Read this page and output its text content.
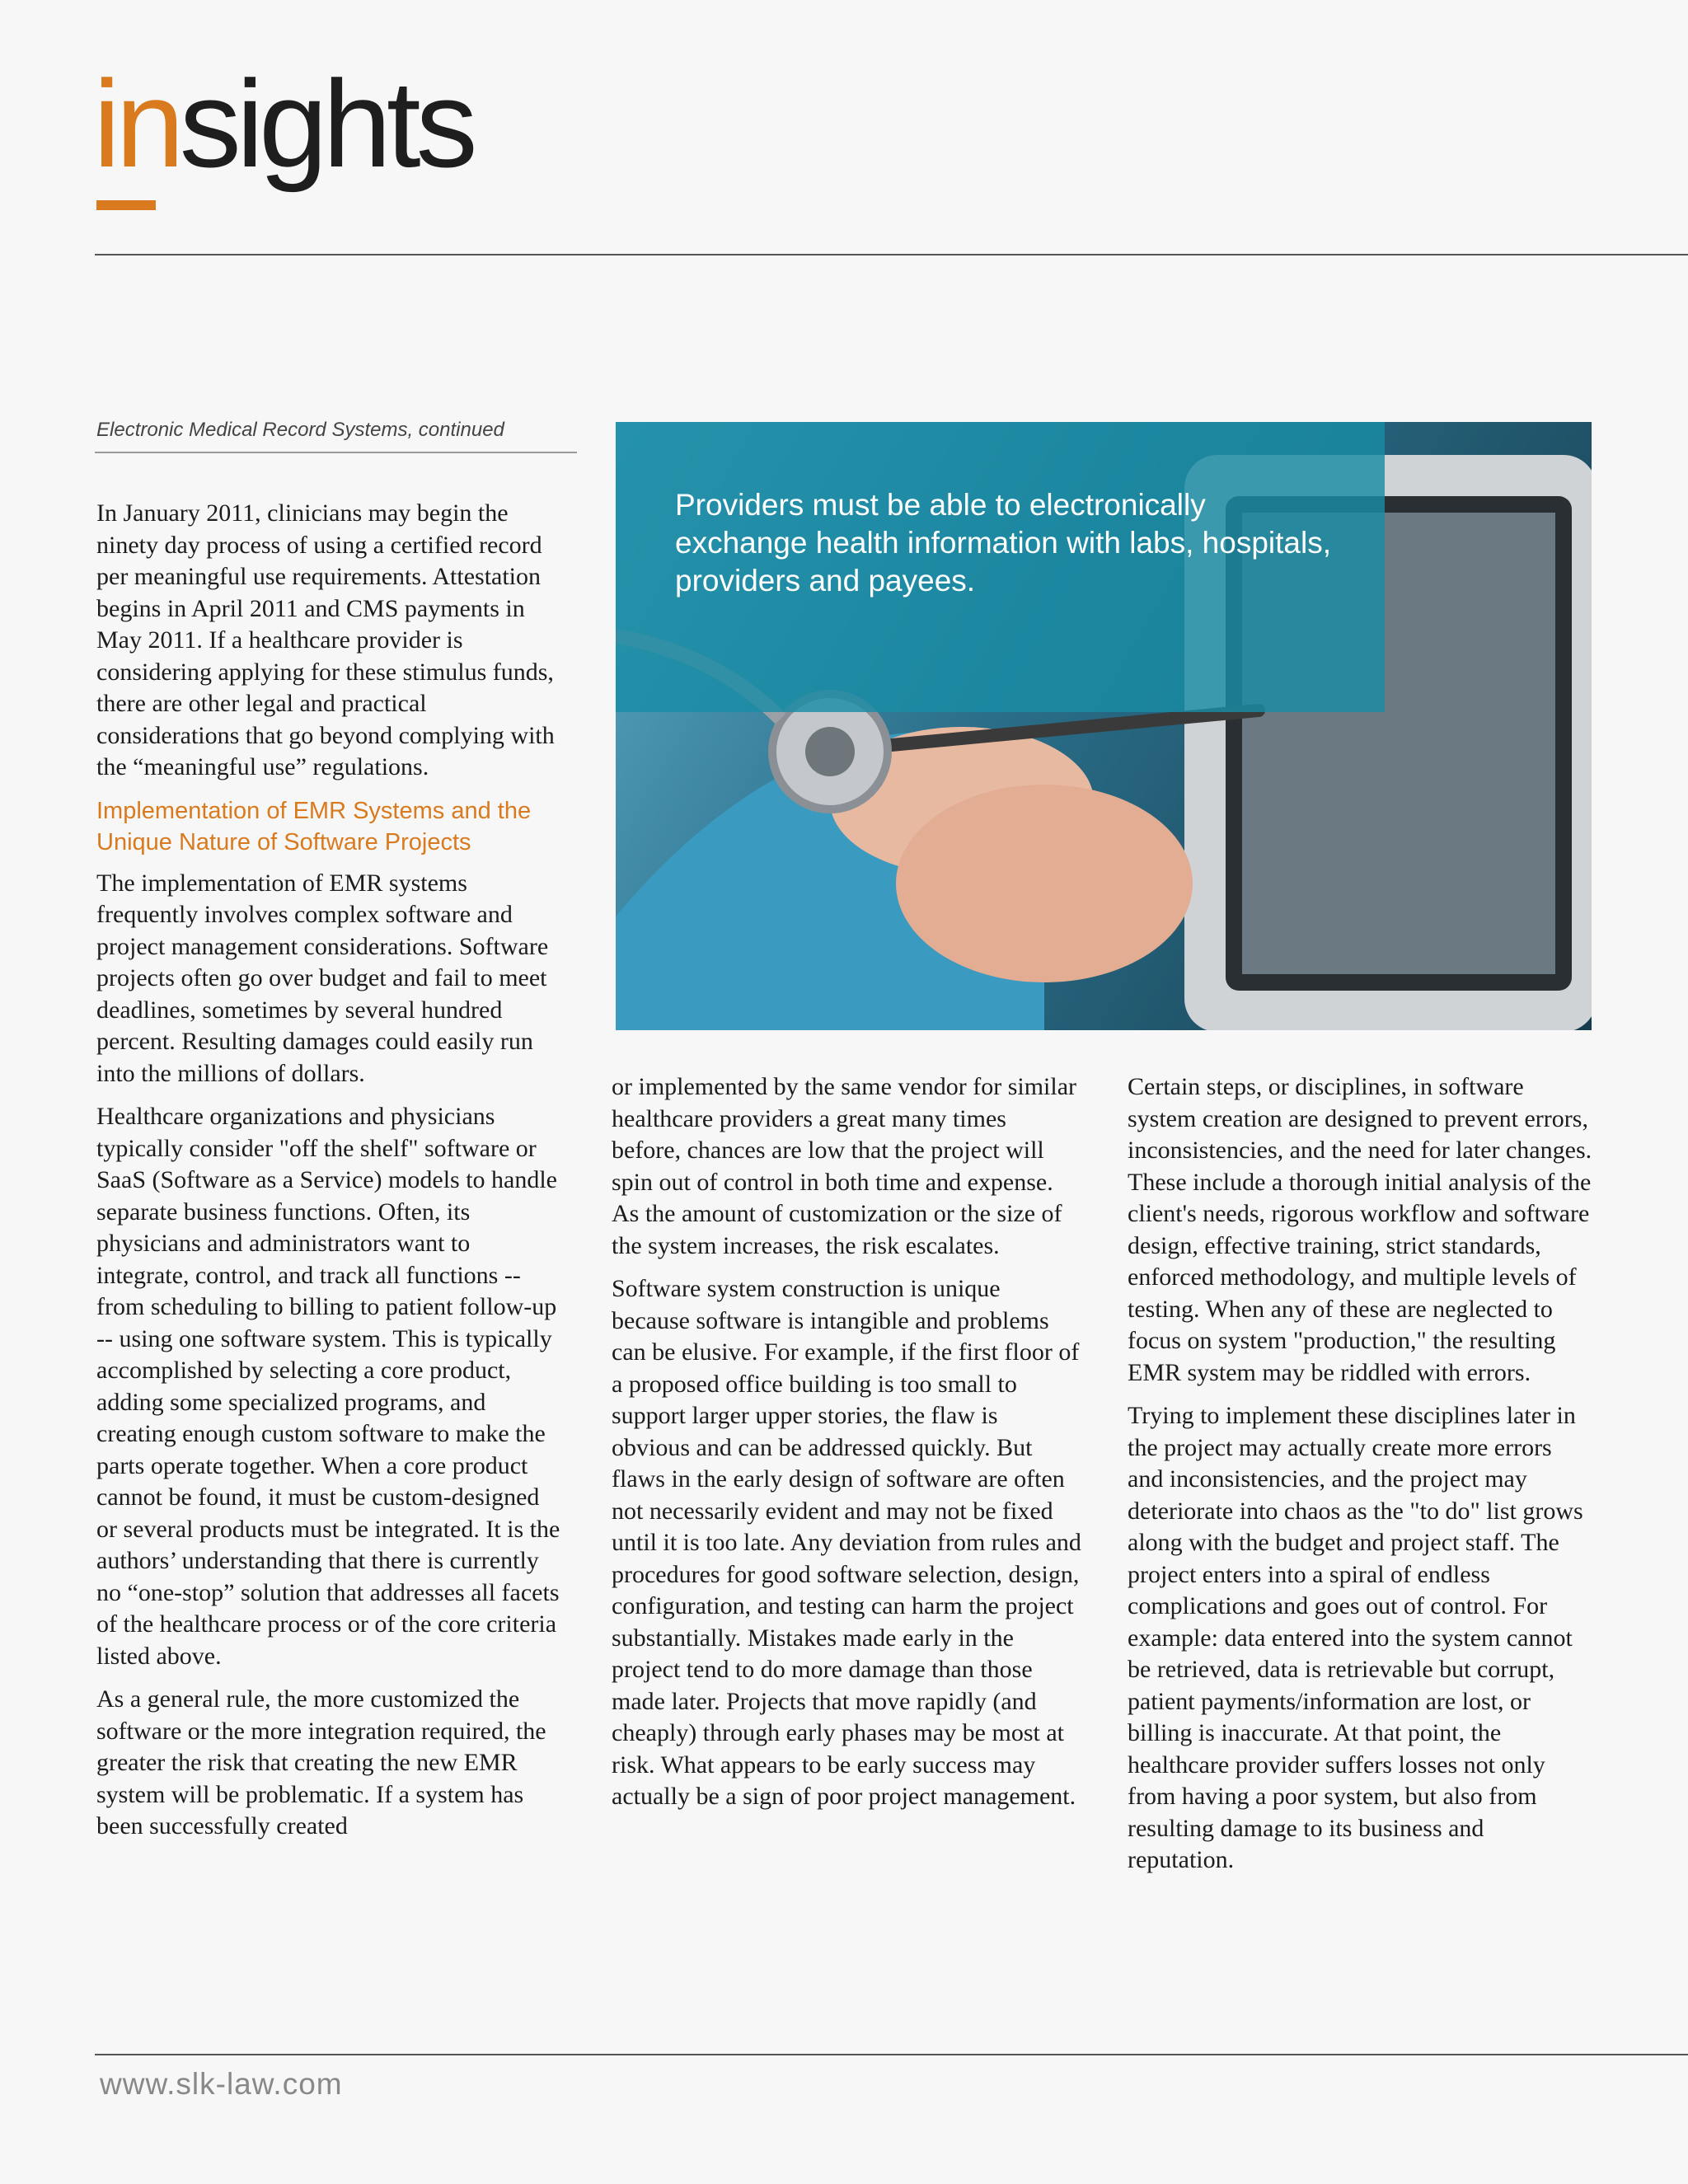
insights
Electronic Medical Record Systems, continued

In January 2011, clinicians may begin the ninety day process of using a certified record per meaningful use requirements. Attestation begins in April 2011 and CMS payments in May 2011. If a healthcare provider is considering applying for these stimulus funds, there are other legal and practical considerations that go beyond complying with the “meaningful use” regulations.

Implementation of EMR Systems and the Unique Nature of Software Projects

The implementation of EMR systems frequently involves complex software and project management considerations. Software projects often go over budget and fail to meet deadlines, sometimes by several hundred percent. Resulting damages could easily run into the millions of dollars.

Healthcare organizations and physicians typically consider "off the shelf" software or SaaS (Software as a Service) models to handle separate business functions. Often, its physicians and administrators want to integrate, control, and track all functions -- from scheduling to billing to patient follow-up -- using one software system. This is typically accomplished by selecting a core product, adding some specialized programs, and creating enough custom software to make the parts operate together. When a core product cannot be found, it must be custom-designed or several products must be integrated. It is the authors’ understanding that there is currently no “one-stop” solution that addresses all facets of the healthcare process or of the core criteria listed above.

As a general rule, the more customized the software or the more integration required, the greater the risk that creating the new EMR system will be problematic. If a system has been successfully created

Providers must be able to electronically exchange health information with labs, hospitals, providers and payees.

or implemented by the same vendor for similar healthcare providers a great many times before, chances are low that the project will spin out of control in both time and expense. As the amount of customization or the size of the system increases, the risk escalates.

Software system construction is unique because software is intangible and problems can be elusive. For example, if the first floor of a proposed office building is too small to support larger upper stories, the flaw is obvious and can be addressed quickly. But flaws in the early design of software are often not necessarily evident and may not be fixed until it is too late. Any deviation from rules and procedures for good software selection, design, configuration, and testing can harm the project substantially. Mistakes made early in the project tend to do more damage than those made later. Projects that move rapidly (and cheaply) through early phases may be most at risk. What appears to be early success may actually be a sign of poor project management.

Certain steps, or disciplines, in software system creation are designed to prevent errors, inconsistencies, and the need for later changes. These include a thorough initial analysis of the client's needs, rigorous workflow and software design, effective training, strict standards, enforced methodology, and multiple levels of testing. When any of these are neglected to focus on system "production," the resulting EMR system may be riddled with errors.

Trying to implement these disciplines later in the project may actually create more errors and inconsistencies, and the project may deteriorate into chaos as the "to do" list grows along with the budget and project staff. The project enters into a spiral of endless complications and goes out of control. For example: data entered into the system cannot be retrieved, data is retrievable but corrupt, patient payments/information are lost, or billing is inaccurate. At that point, the healthcare provider suffers losses not only from having a poor system, but also from resulting damage to its business and reputation.

www.slk-law.com
